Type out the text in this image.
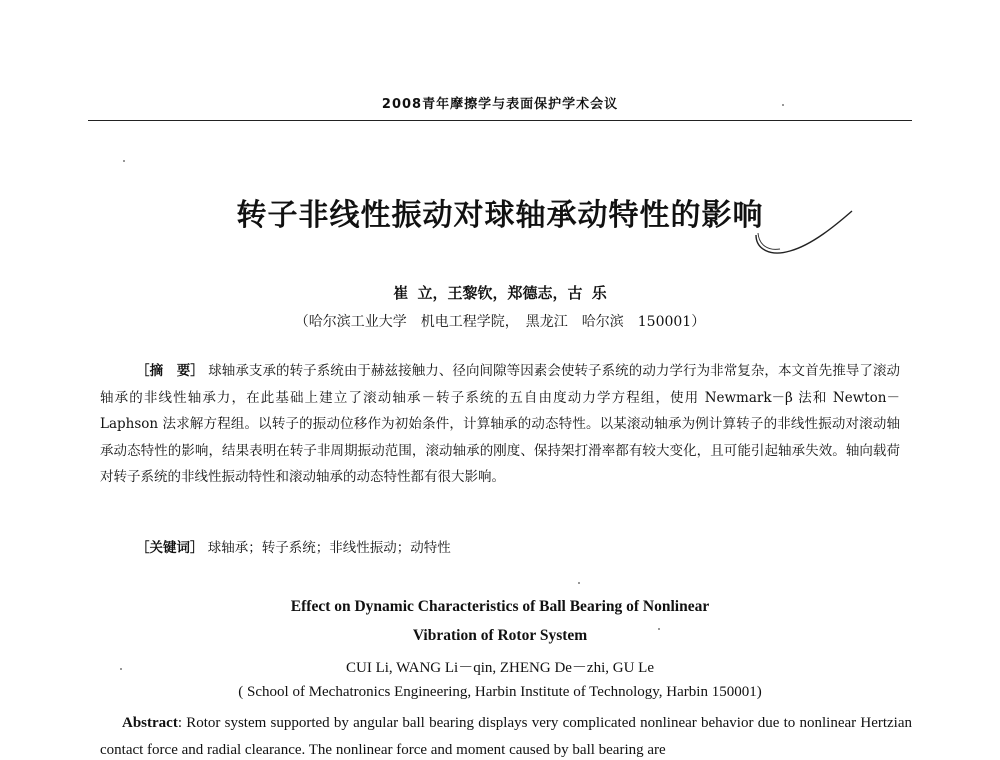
2008青年摩擦学与表面保护学术会议
转子非线性振动对球轴承动特性的影响
崔 立，王黎钦，郑德志，古 乐
（哈尔滨工业大学　机电工程学院，　黑龙江　哈尔滨　150001）
［摘　要］ 球轴承支承的转子系统由于赫兹接触力、径向间隙等因素会使转子系统的动力学行为非常复杂，本文首先推导了滚动轴承的非线性轴承力，在此基础上建立了滚动轴承－转子系统的五自由度动力学方程组，使用 Newmark－β 法和 Newton－Laphson 法求解方程组。以转子的振动位移作为初始条件，计算轴承的动态特性。以某滚动轴承为例计算转子的非线性振动对滚动轴承动态特性的影响，结果表明在转子非周期振动范围，滚动轴承的刚度、保持架打滑率都有较大变化，且可能引起轴承失效。轴向载荷对转子系统的非线性振动特性和滚动轴承的动态特性都有很大影响。
［关键词］ 球轴承；转子系统；非线性振动；动特性
Effect on Dynamic Characteristics of Ball Bearing of Nonlinear
Vibration of Rotor System
CUI Li, WANG Li－qin, ZHENG De－zhi, GU Le
( School of Mechatronics Engineering, Harbin Institute of Technology, Harbin 150001)
Abstract: Rotor system supported by angular ball bearing displays very complicated nonlinear behavior due to nonlinear Hertzian contact force and radial clearance. The nonlinear force and moment caused by ball bearing are
